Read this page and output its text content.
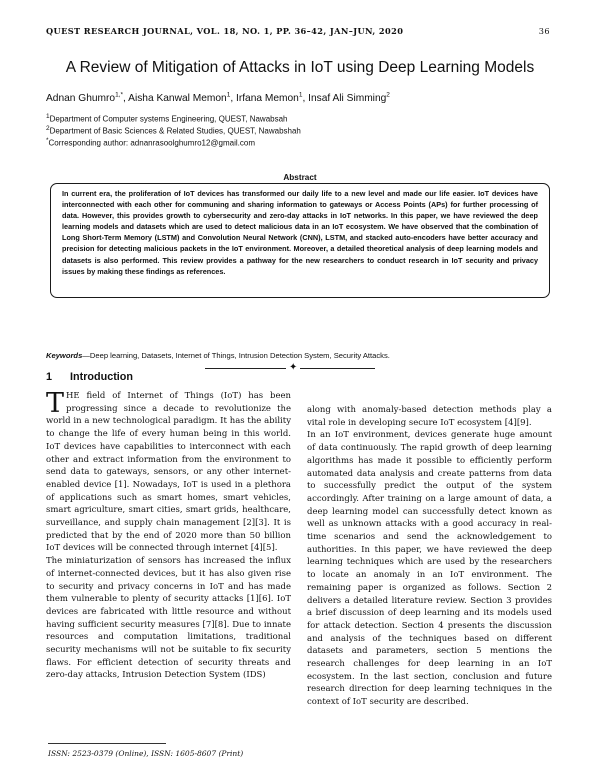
QUEST RESEARCH JOURNAL, VOL. 18, NO. 1, PP. 36–42, JAN–JUN, 2020	36
A Review of Mitigation of Attacks in IoT using Deep Learning Models
Adnan Ghumro$^{1,*}$, Aisha Kanwal Memon$^1$, Irfana Memon$^1$, Insaf Ali Simming$^2$
$^1$Department of Computer systems Engineering, QUEST, Nawabsah
$^2$Department of Basic Sciences & Related Studies, QUEST, Nawabshah
*Corresponding author: adnanrasoolghumro12@gmail.com
Abstract
In current era, the proliferation of IoT devices has transformed our daily life to a new level and made our life easier. IoT devices have interconnected with each other for communing and sharing information to gateways or Access Points (APs) for further processing of data. However, this provides growth to cybersecurity and zero-day attacks in IoT networks. In this paper, we have reviewed the deep learning models and datasets which are used to detect malicious data in an IoT ecosystem. We have observed that the combination of Long Short-Term Memory (LSTM) and Convolution Neural Network (CNN), LSTM, and stacked auto-encoders have better accuracy and precision for detecting malicious packets in the IoT environment. Moreover, a detailed theoretical analysis of deep learning models and datasets is also performed. This review provides a pathway for the new researchers to conduct research in IoT security and privacy issues by making these findings as references.
Keywords—Deep learning, Datasets, Internet of Things, Intrusion Detection System, Security Attacks.
✦
1 Introduction

THE field of Internet of Things (IoT) has been progressing since a decade to revolutionize the world in a new technological paradigm. It has the ability to change the life of every human being in this world. IoT devices have capabilities to interconnect with each other and extract information from the environment to send data to gateways, sensors, or any other internet-enabled device [1]. Nowadays, IoT is used in a plethora of applications such as smart homes, smart vehicles, smart agriculture, smart cities, smart grids, healthcare, surveillance, and supply chain management [2][3]. It is predicted that by the end of 2020 more than 50 billion IoT devices will be connected through internet [4][5].

The miniaturization of sensors has increased the influx of internet-connected devices, but it has also given rise to security and privacy concerns in IoT and has made them vulnerable to plenty of security attacks [1][6]. IoT devices are fabricated with little resource and without having sufficient security measures [7][8]. Due to innate resources and computation limitations, traditional security mechanisms will not be suitable to fix security flaws. For efficient detection of security threats and zero-day attacks, Intrusion Detection System (IDS)

along with anomaly-based detection methods play a vital role in developing secure IoT ecosystem [4][9].

In an IoT environment, devices generate huge amount of data continuously. The rapid growth of deep learning algorithms has made it possible to efficiently perform automated data analysis and create patterns from data to successfully predict the output of the system accordingly. After training on a large amount of data, a deep learning model can successfully detect known as well as unknown attacks with a good accuracy in real-time scenarios and send the acknowledgement to authorities. In this paper, we have reviewed the deep learning techniques which are used by the researchers to locate an anomaly in an IoT environment. The remaining paper is organized as follows. Section 2 delivers a detailed literature review. Section 3 provides a brief discussion of deep learning and its models used for attack detection. Section 4 presents the discussion and analysis of the techniques based on different datasets and parameters, section 5 mentions the research challenges for deep learning in an IoT ecosystem. In the last section, conclusion and future research direction for deep learning techniques in the context of IoT security are described.

ISSN: 2523-0379 (Online), ISSN: 1605-8607 (Print)
